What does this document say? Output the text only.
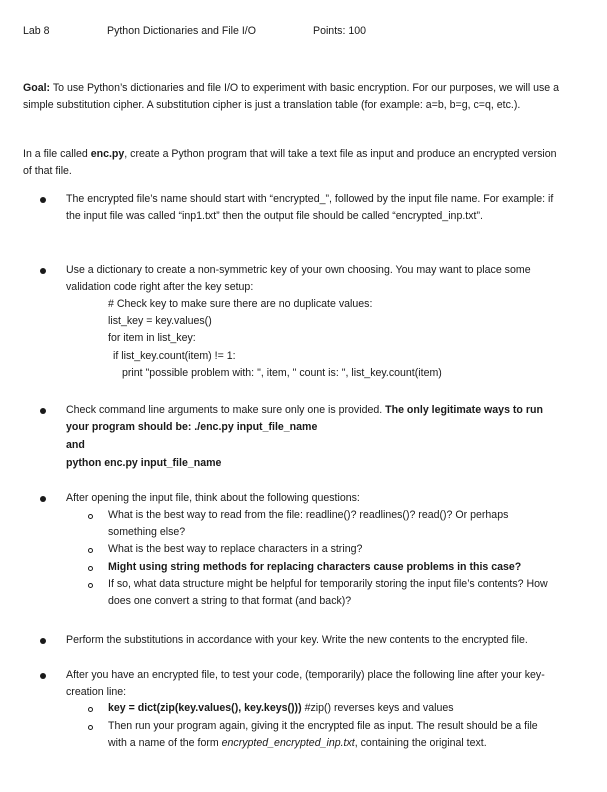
Lab 8	Python Dictionaries and File I/O	Points: 100
Goal: To use Python’s dictionaries and file I/O to experiment with basic encryption. For our purposes, we will use a simple substitution cipher. A substitution cipher is just a translation table (for example: a=b, b=g, c=q, etc.).
In a file called enc.py, create a Python program that will take a text file as input and produce an encrypted version of that file.
The encrypted file’s name should start with “encrypted_”, followed by the input file name. For example: if the input file was called “inp1.txt” then the output file should be called “encrypted_inp.txt”.
Use a dictionary to create a non-symmetric key of your own choosing. You may want to place some validation code right after the key setup:
# Check key to make sure there are no duplicate values:
list_key = key.values()
for item in list_key:
if list_key.count(item) != 1:
print "possible problem with: ", item, " count is: ", list_key.count(item)
Check command line arguments to make sure only one is provided. The only legitimate ways to run your program should be: ./enc.py input_file_name
and
python enc.py input_file_name
After opening the input file, think about the following questions:
What is the best way to read from the file: readline()? readlines()? read()? Or perhaps something else?
What is the best way to replace characters in a string?
Might using string methods for replacing characters cause problems in this case?
If so, what data structure might be helpful for temporarily storing the input file’s contents? How does one convert a string to that format (and back)?
Perform the substitutions in accordance with your key. Write the new contents to the encrypted file.
After you have an encrypted file, to test your code, (temporarily) place the following line after your key-creation line:
key = dict(zip(key.values(), key.keys())) #zip() reverses keys and values
Then run your program again, giving it the encrypted file as input. The result should be a file with a name of the form encrypted_encrypted_inp.txt, containing the original text.
